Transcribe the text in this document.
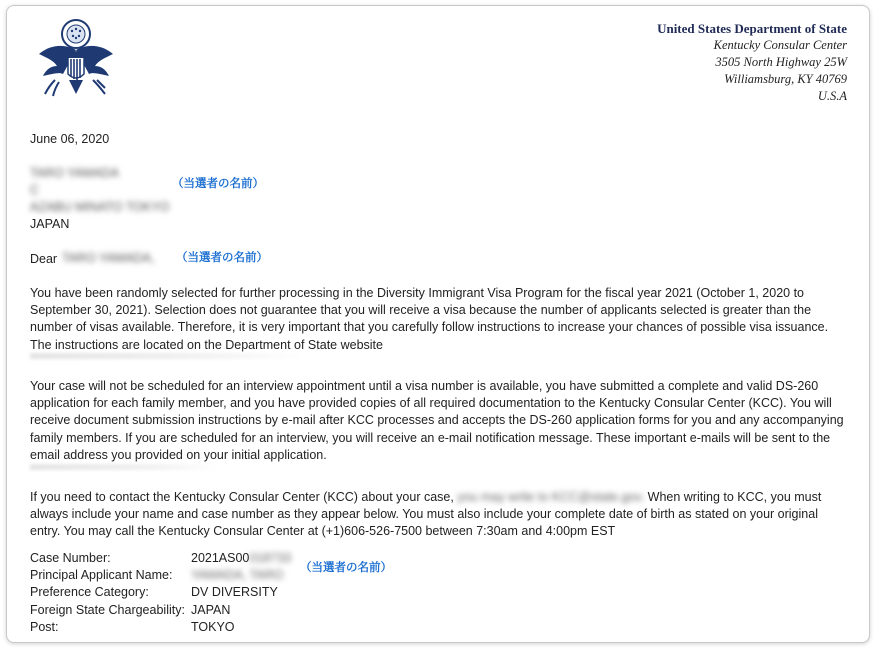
United States Department of State
Kentucky Consular Center
3505 North Highway 25W
Williamsburg, KY 40769
U.S.A
June 06, 2020
TARO YAMADA
（当選者の名前）
C
AZABU MINATO TOKYO
JAPAN
Dear TARO YAMADA, （当選者の名前）
You have been randomly selected for further processing in the Diversity Immigrant Visa Program for the fiscal year 2021 (October 1, 2020 to September 30, 2021). Selection does not guarantee that you will receive a visa because the number of applicants selected is greater than the number of visas available. Therefore, it is very important that you carefully follow instructions to increase your chances of possible visa issuance. The instructions are located on the Department of State website
Your case will not be scheduled for an interview appointment until a visa number is available, you have submitted a complete and valid DS-260 application for each family member, and you have provided copies of all required documentation to the Kentucky Consular Center (KCC). You will receive document submission instructions by e-mail after KCC processes and accepts the DS-260 application forms for you and any accompanying family members. If you are scheduled for an interview, you will receive an e-mail notification message. These important e-mails will be sent to the email address you provided on your initial application.
If you need to contact the Kentucky Consular Center (KCC) about your case, you may write to KCC@state.gov. When writing to KCC, you must always include your name and case number as they appear below. You must also include your complete date of birth as stated on your original entry. You may call the Kentucky Consular Center at (+1)606-526-7500 between 7:30am and 4:00pm EST
Case Number:	2021AS00018733
Principal Applicant Name:	YAMADA, TARO
Preference Category:	DV DIVERSITY
Foreign State Chargeability: JAPAN
Post:	TOKYO
（当選者の名前）
